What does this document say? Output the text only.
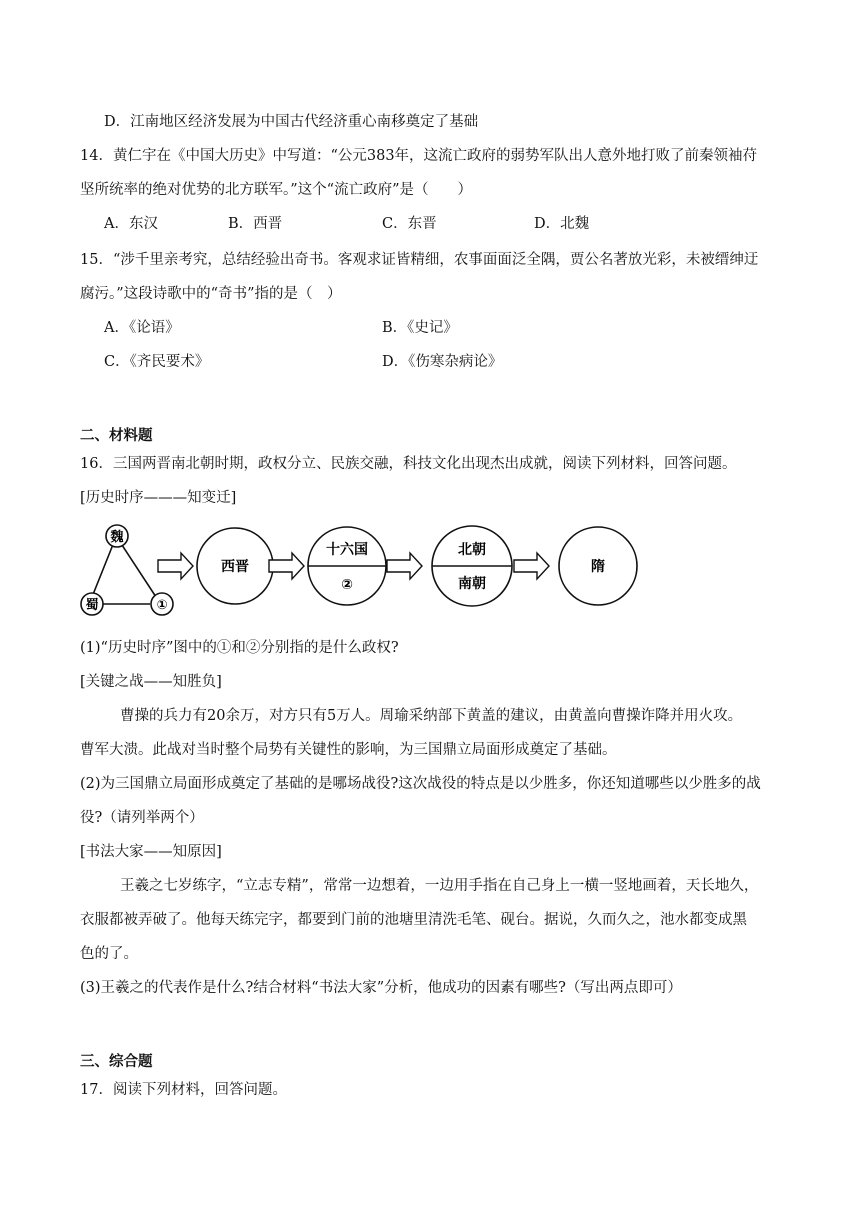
D．江南地区经济发展为中国古代经济重心南移奠定了基础
14．黄仁宇在《中国大历史》中写道：“公元383年，这流亡政府的弱势军队出人意外地打败了前秦领袖苻
坚所统率的绝对优势的北方联军。”这个“流亡政府”是（　　）
A．东汉	B．西晋	C．东晋	D．北魏
15．“涉千里亲考究，总结经验出奇书。客观求证皆精细，农事面面泛全隅，贾公名著放光彩，未被缙绅迂
腐污。”这段诗歌中的“奇书”指的是（　）
A．《论语》	B．《史记》
C．《齐民要术》	D．《伤寒杂病论》
二、材料题
16．三国两晋南北朝时期，政权分立、民族交融，科技文化出现杰出成就，阅读下列材料，回答问题。
[历史时序———知变迁]
魏
蜀	①
西晋
十六国
②
北朝
南朝
隋
(1)“历史时序”图中的①和②分别指的是什么政权?
[关键之战——知胜负]
曹操的兵力有20余万，对方只有5万人。周瑜采纳部下黄盖的建议，由黄盖向曹操诈降并用火攻。
曹军大溃。此战对当时整个局势有关键性的影响，为三国鼎立局面形成奠定了基础。
(2)为三国鼎立局面形成奠定了基础的是哪场战役?这次战役的特点是以少胜多，你还知道哪些以少胜多的战
役?（请列举两个）
[书法大家——知原因]
王羲之七岁练字，“立志专精”，常常一边想着，一边用手指在自己身上一横一竖地画着，天长地久，
衣服都被弄破了。他每天练完字，都要到门前的池塘里清洗毛笔、砚台。据说，久而久之，池水都变成黑
色的了。
(3)王羲之的代表作是什么?结合材料“书法大家”分析，他成功的因素有哪些?（写出两点即可）
三、综合题
17．阅读下列材料，回答问题。
